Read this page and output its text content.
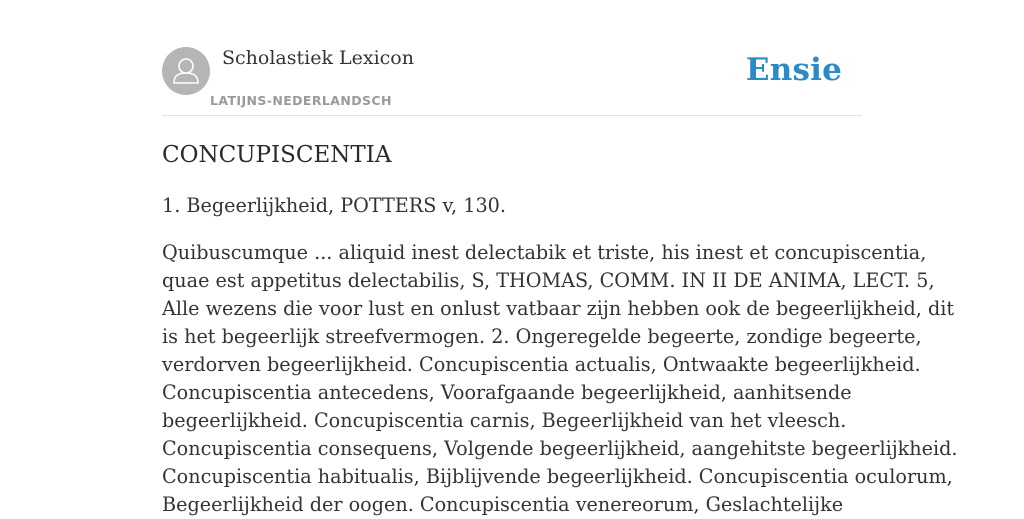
Scholastiek Lexicon
LATIJNS-NEDERLANDSCH
Ensie
CONCUPISCENTIA

1. Begeerlijkheid, POTTERS v, 130.

Quibuscumque ... aliquid inest delectabik et triste, his inest et concupiscentia,
quae est appetitus delectabilis, S, THOMAS, COMM. IN II DE ANIMA, LECT. 5,
Alle wezens die voor lust en onlust vatbaar zijn hebben ook de begeerlijkheid, dit
is het begeerlijk streefvermogen. 2. Ongeregelde begeerte, zondige begeerte,
verdorven begeerlijkheid. Concupiscentia actualis, Ontwaakte begeerlijkheid.
Concupiscentia antecedens, Voorafgaande begeerlijkheid, aanhitsende
begeerlijkheid. Concupiscentia carnis, Begeerlijkheid van het vleesch.
Concupiscentia consequens, Volgende begeerlijkheid, aangehitste begeerlijkheid.
Concupiscentia habitualis, Bijblijvende begeerlijkheid. Concupiscentia oculorum,
Begeerlijkheid der oogen. Concupiscentia venereorum, Geslachtelijke
